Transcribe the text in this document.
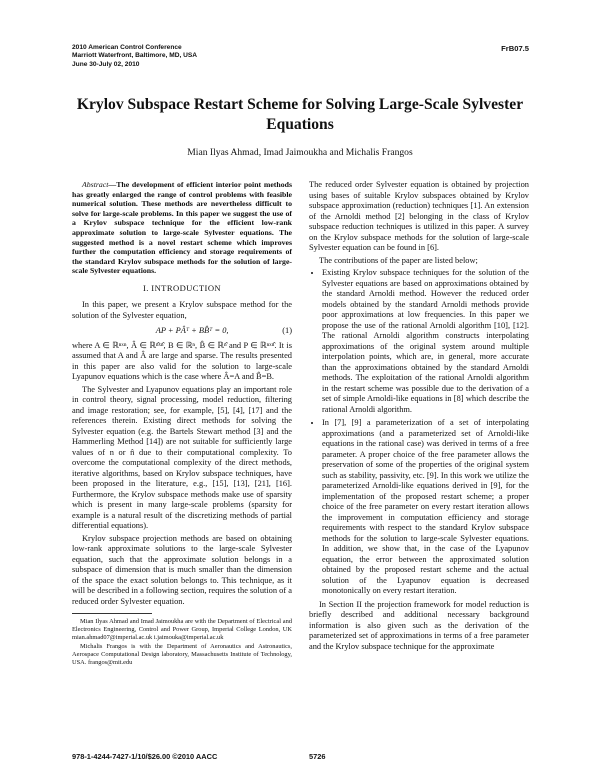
2010 American Control Conference
Marriott Waterfront, Baltimore, MD, USA
June 30-July 02, 2010
FrB07.5
Krylov Subspace Restart Scheme for Solving Large-Scale Sylvester Equations
Mian Ilyas Ahmad, Imad Jaimoukha and Michalis Frangos

Abstract—The development of efficient interior point methods has greatly enlarged the range of control problems with feasible numerical solution. These methods are nevertheless difficult to solve for large-scale problems. In this paper we suggest the use of a Krylov subspace technique for the efficient low-rank approximate solution to large-scale Sylvester equations. The suggested method is a novel restart scheme which improves further the computation efficiency and storage requirements of the standard Krylov subspace methods for the solution of large-scale Sylvester equations.

I. INTRODUCTION

In this paper, we present a Krylov subspace method for the solution of the Sylvester equation,

AP + PÂᵀ + BB̂ᵀ = 0,	(1)

where A ∈ ℝⁿˣⁿ, Â ∈ ℝⁿ̂ˣⁿ̂, B ∈ ℝⁿ, B̂ ∈ ℝⁿ̂ and P ∈ ℝⁿˣⁿ̂. It is assumed that A and Â are large and sparse. The results presented in this paper are also valid for the solution to large-scale Lyapunov equations which is the case where Â=A and B̂=B.

The Sylvester and Lyapunov equations play an important role in control theory, signal processing, model reduction, filtering and image restoration; see, for example, [5], [4], [17] and the references therein. Existing direct methods for solving the Sylvester equation (e.g. the Bartels Stewart method [3] and the Hammerling Method [14]) are not suitable for sufficiently large values of n or n̂ due to their computational complexity. To overcome the computational complexity of the direct methods, iterative algorithms, based on Krylov subspace techniques, have been proposed in the literature, e.g., [15], [13], [21], [16]. Furthermore, the Krylov subspace methods make use of sparsity which is present in many large-scale problems (sparsity for example is a natural result of the discretizing methods of partial differential equations).

Krylov subspace projection methods are based on obtaining low-rank approximate solutions to the large-scale Sylvester equation, such that the approximate solution belongs in a subspace of dimension that is much smaller than the dimension of the space the exact solution belongs to. This technique, as it will be described in a following section, requires the solution of a reduced order Sylvester equation.

Mian Ilyas Ahmad and Imad Jaimoukha are with the Department of Electrical and Electronics Engineering, Control and Power Group, Imperial College London, UK mian.ahmad07@imperial.ac.uk i.jaimouka@imperial.ac.uk

Michalis Frangos is with the Department of Aeronautics and Astronautics, Aerospace Computational Design laboratory, Massachusetts Institute of Technology, USA. frangos@mit.edu

The reduced order Sylvester equation is obtained by projection using bases of suitable Krylov subspaces obtained by Krylov subspace approximation (reduction) techniques [1]. An extension of the Arnoldi method [2] belonging in the class of Krylov subspace reduction techniques is utilized in this paper. A survey on the Krylov subspace methods for the solution of large-scale Sylvester equation can be found in [6].

The contributions of the paper are listed below;

• Existing Krylov subspace techniques for the solution of the Sylvester equations are based on approximations obtained by the standard Arnoldi method. However the reduced order models obtained by the standard Arnoldi methods provide poor approximations at low frequencies. In this paper we propose the use of the rational Arnoldi algorithm [10], [12]. The rational Arnoldi algorithm constructs interpolating approximations of the original system around multiple interpolation points, which are, in general, more accurate than the approximations obtained by the standard Arnoldi methods. The exploitation of the rational Arnoldi algorithm in the restart scheme was possible due to the derivation of a set of simple Arnoldi-like equations in [8] which describe the rational Arnoldi algorithm.
• In [7], [9] a parameterization of a set of interpolating approximations (and a parameterized set of Arnoldi-like equations in the rational case) was derived in terms of a free parameter. A proper choice of the free parameter allows the preservation of some of the properties of the original system such as stability, passivity, etc. [9]. In this work we utilize the parameterized Arnoldi-like equations derived in [9], for the implementation of the proposed restart scheme; a proper choice of the free parameter on every restart iteration allows the improvement in computation efficiency and storage requirements with respect to the standard Krylov subspace methods for the solution to large-scale Sylvester equations. In addition, we show that, in the case of the Lyapunov equation, the error between the approximated solution obtained by the proposed restart scheme and the actual solution of the Lyapunov equation is decreased monotonically on every restart iteration.

In Section II the projection framework for model reduction is briefly described and additional necessary background information is also given such as the derivation of the parameterized set of approximations in terms of a free parameter and the Krylov subspace technique for the approximate

978-1-4244-7427-1/10/$26.00 ©2010 AACC	5726
